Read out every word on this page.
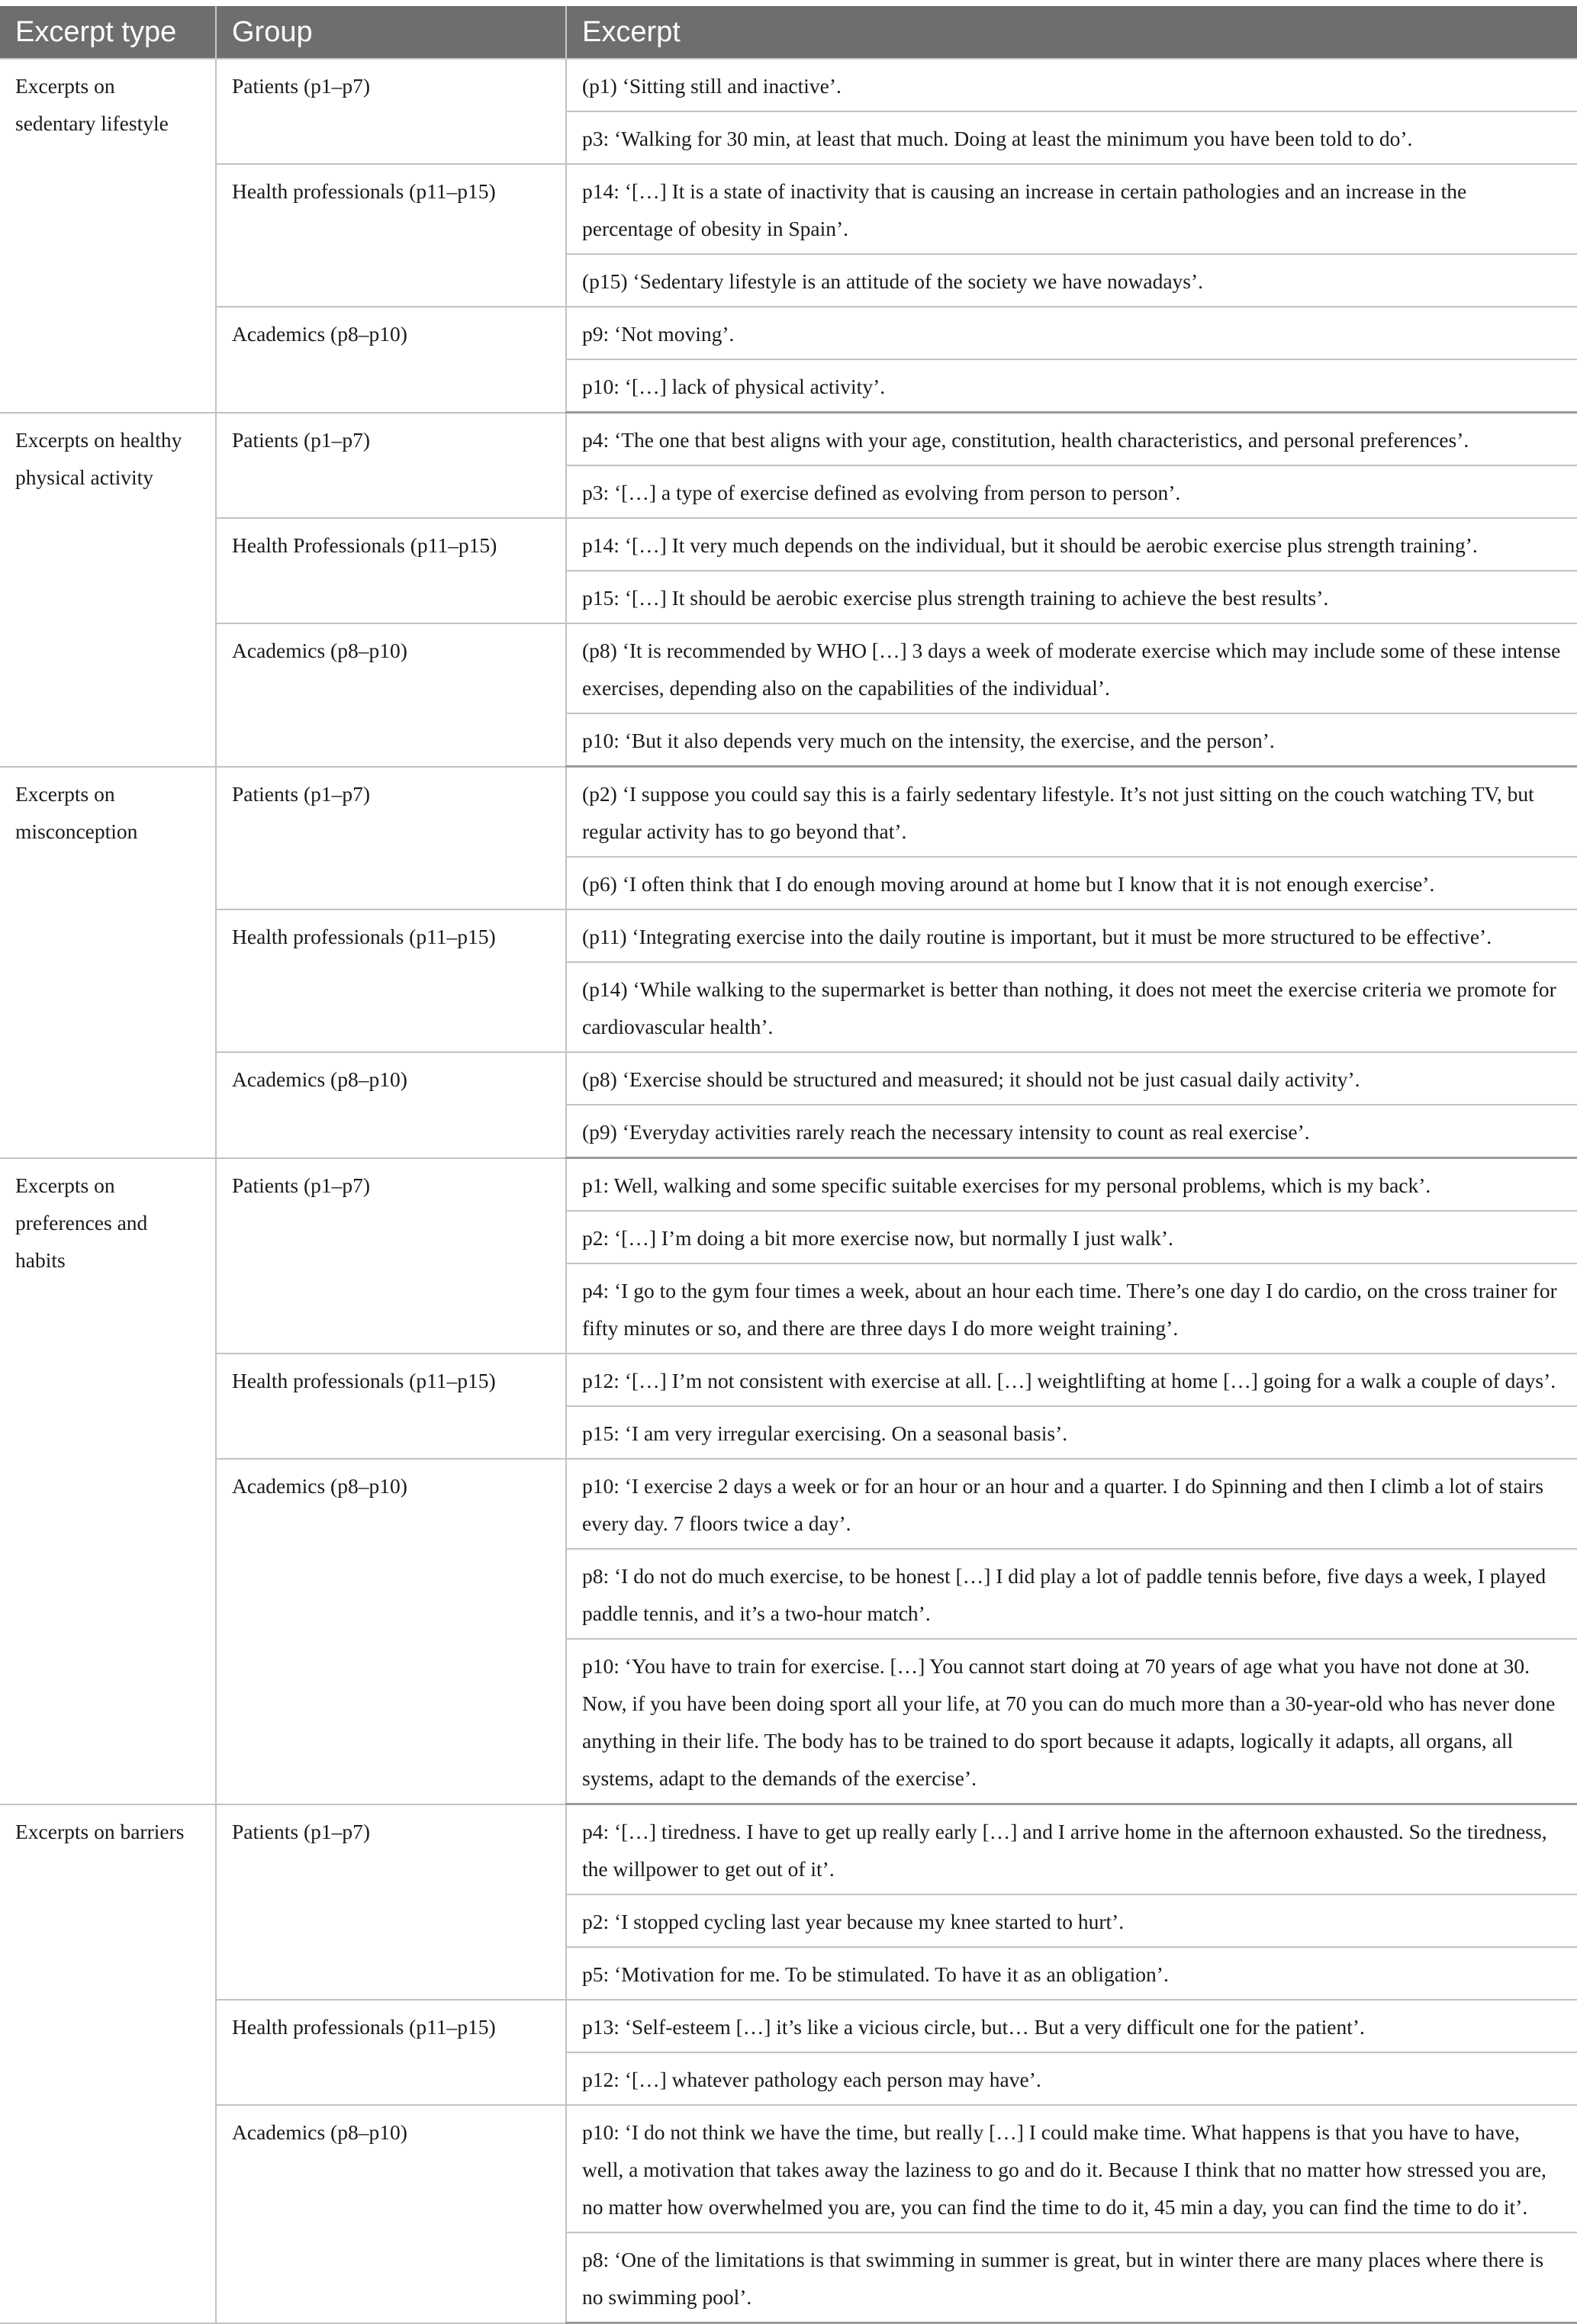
Excerpt type	Group	Excerpt
Excerpts on sedentary lifestyle	Patients (p1–p7)	(p1) ‘Sitting still and inactive’.
		p3: ‘Walking for 30 min, at least that much. Doing at least the minimum you have been told to do’.
	Health professionals (p11–p15)	p14: ‘[…] It is a state of inactivity that is causing an increase in certain pathologies and an increase in the percentage of obesity in Spain’.
		(p15) ‘Sedentary lifestyle is an attitude of the society we have nowadays’.
	Academics (p8–p10)	p9: ‘Not moving’.
		p10: ‘[…] lack of physical activity’.
Excerpts on healthy physical activity	Patients (p1–p7)	p4: ‘The one that best aligns with your age, constitution, health characteristics, and personal preferences’.
		p3: ‘[…] a type of exercise defined as evolving from person to person’.
	Health Professionals (p11–p15)	p14: ‘[…] It very much depends on the individual, but it should be aerobic exercise plus strength training’.
		p15: ‘[…] It should be aerobic exercise plus strength training to achieve the best results’.
	Academics (p8–p10)	(p8) ‘It is recommended by WHO […] 3 days a week of moderate exercise which may include some of these intense exercises, depending also on the capabilities of the individual’.
		p10: ‘But it also depends very much on the intensity, the exercise, and the person’.
Excerpts on misconception	Patients (p1–p7)	(p2) ‘I suppose you could say this is a fairly sedentary lifestyle. It’s not just sitting on the couch watching TV, but regular activity has to go beyond that’.
		(p6) ‘I often think that I do enough moving around at home but I know that it is not enough exercise’.
	Health professionals (p11–p15)	(p11) ‘Integrating exercise into the daily routine is important, but it must be more structured to be effective’.
		(p14) ‘While walking to the supermarket is better than nothing, it does not meet the exercise criteria we promote for cardiovascular health’.
	Academics (p8–p10)	(p8) ‘Exercise should be structured and measured; it should not be just casual daily activity’.
		(p9) ‘Everyday activities rarely reach the necessary intensity to count as real exercise’.
Excerpts on preferences and habits	Patients (p1–p7)	p1: Well, walking and some specific suitable exercises for my personal problems, which is my back’.
		p2: ‘[…] I’m doing a bit more exercise now, but normally I just walk’.
		p4: ‘I go to the gym four times a week, about an hour each time. There’s one day I do cardio, on the cross trainer for fifty minutes or so, and there are three days I do more weight training’.
	Health professionals (p11–p15)	p12: ‘[…] I’m not consistent with exercise at all. […] weightlifting at home […] going for a walk a couple of days’.
		p15: ‘I am very irregular exercising. On a seasonal basis’.
	Academics (p8–p10)	p10: ‘I exercise 2 days a week or for an hour or an hour and a quarter. I do Spinning and then I climb a lot of stairs every day. 7 floors twice a day’.
		p8: ‘I do not do much exercise, to be honest […] I did play a lot of paddle tennis before, five days a week, I played paddle tennis, and it’s a two-hour match’.
		p10: ‘You have to train for exercise. […] You cannot start doing at 70 years of age what you have not done at 30. Now, if you have been doing sport all your life, at 70 you can do much more than a 30-year-old who has never done anything in their life. The body has to be trained to do sport because it adapts, logically it adapts, all organs, all systems, adapt to the demands of the exercise’.
Excerpts on barriers	Patients (p1–p7)	p4: ‘[…] tiredness. I have to get up really early […] and I arrive home in the afternoon exhausted. So the tiredness, the willpower to get out of it’.
		p2: ‘I stopped cycling last year because my knee started to hurt’.
		p5: ‘Motivation for me. To be stimulated. To have it as an obligation’.
	Health professionals (p11–p15)	p13: ‘Self-esteem […] it’s like a vicious circle, but… But a very difficult one for the patient’.
		p12: ‘[…] whatever pathology each person may have’.
	Academics (p8–p10)	p10: ‘I do not think we have the time, but really […] I could make time. What happens is that you have to have, well, a motivation that takes away the laziness to go and do it. Because I think that no matter how stressed you are, no matter how overwhelmed you are, you can find the time to do it, 45 min a day, you can find the time to do it’.
		p8: ‘One of the limitations is that swimming in summer is great, but in winter there are many places where there is no swimming pool’.
